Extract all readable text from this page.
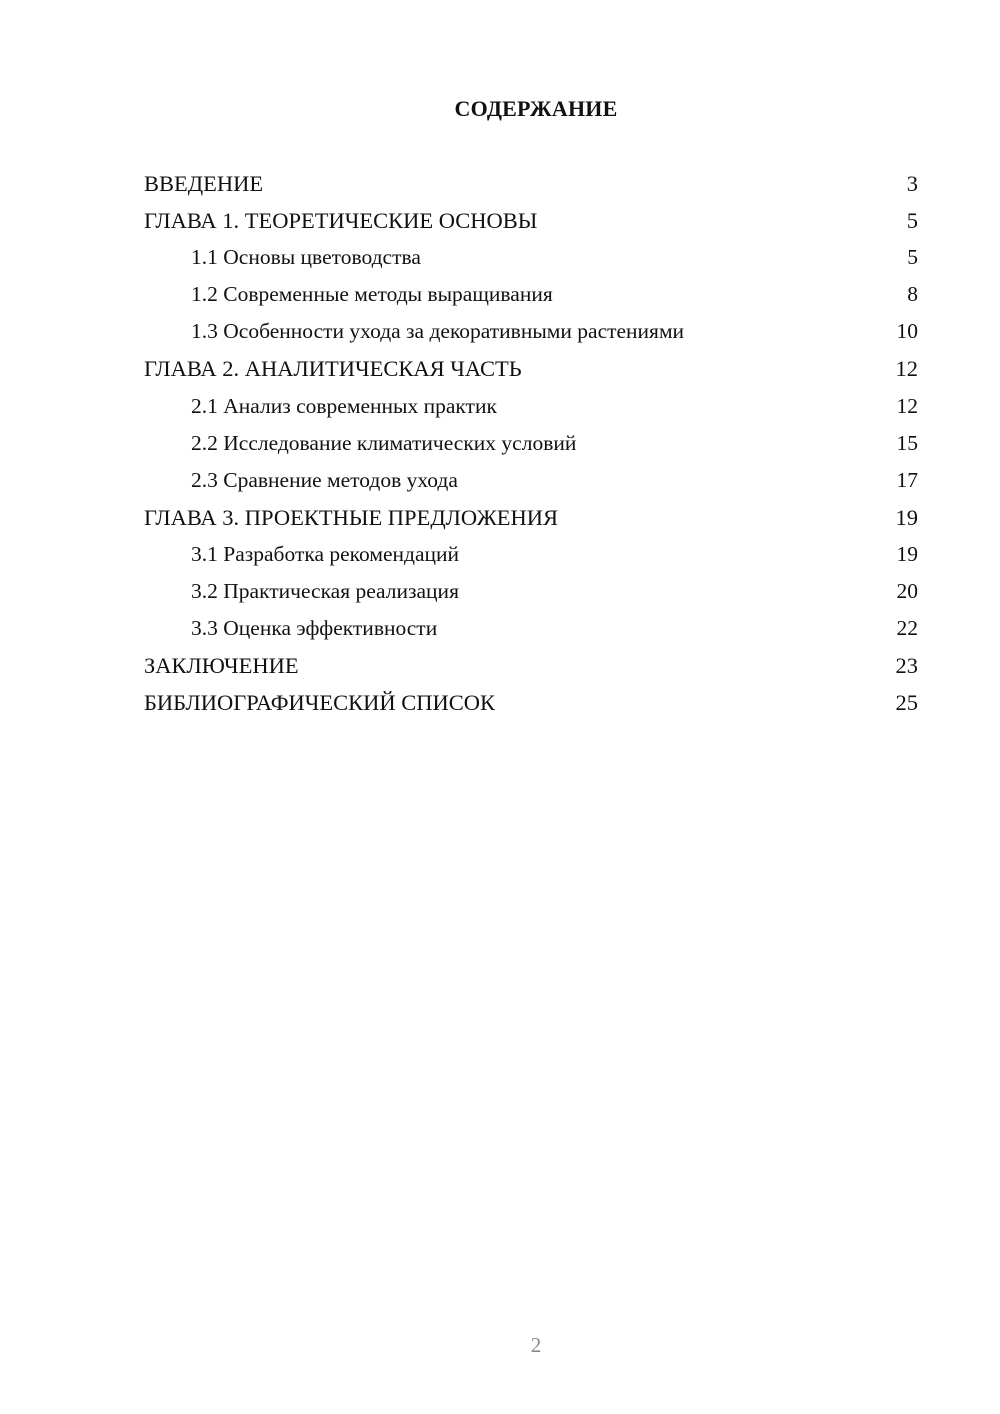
СОДЕРЖАНИЕ
ВВЕДЕНИЕ	3
ГЛАВА 1. ТЕОРЕТИЧЕСКИЕ ОСНОВЫ	5
1.1 Основы цветоводства	5
1.2 Современные методы выращивания	8
1.3 Особенности ухода за декоративными растениями	10
ГЛАВА 2. АНАЛИТИЧЕСКАЯ ЧАСТЬ	12
2.1 Анализ современных практик	12
2.2 Исследование климатических условий	15
2.3 Сравнение методов ухода	17
ГЛАВА 3. ПРОЕКТНЫЕ ПРЕДЛОЖЕНИЯ	19
3.1 Разработка рекомендаций	19
3.2 Практическая реализация	20
3.3 Оценка эффективности	22
ЗАКЛЮЧЕНИЕ	23
БИБЛИОГРАФИЧЕСКИЙ СПИСОК	25
2
